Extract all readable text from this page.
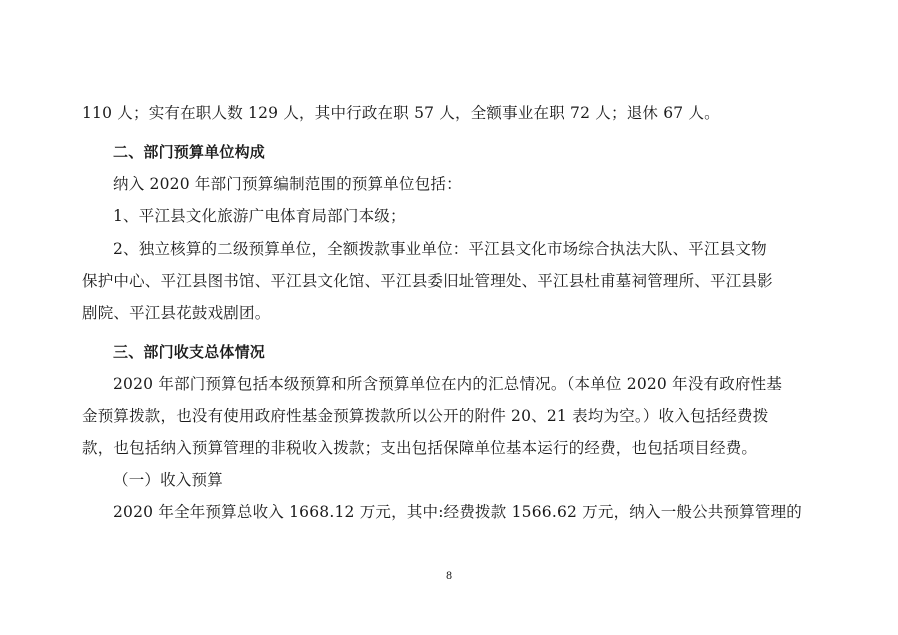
110 人；实有在职人数 129 人，其中行政在职 57 人，全额事业在职 72 人；退休 67 人。
二、部门预算单位构成
纳入 2020 年部门预算编制范围的预算单位包括：
1、平江县文化旅游广电体育局部门本级；
2、独立核算的二级预算单位，全额拨款事业单位：平江县文化市场综合执法大队、平江县文物
保护中心、平江县图书馆、平江县文化馆、平江县委旧址管理处、平江县杜甫墓祠管理所、平江县影
剧院、平江县花鼓戏剧团。
三、部门收支总体情况
2020 年部门预算包括本级预算和所含预算单位在内的汇总情况。（本单位 2020 年没有政府性基
金预算拨款，也没有使用政府性基金预算拨款所以公开的附件 20、21 表均为空。）收入包括经费拨
款，也包括纳入预算管理的非税收入拨款；支出包括保障单位基本运行的经费，也包括项目经费。
（一）收入预算
2020 年全年预算总收入 1668.12 万元，其中:经费拨款 1566.62 万元，纳入一般公共预算管理的
8
